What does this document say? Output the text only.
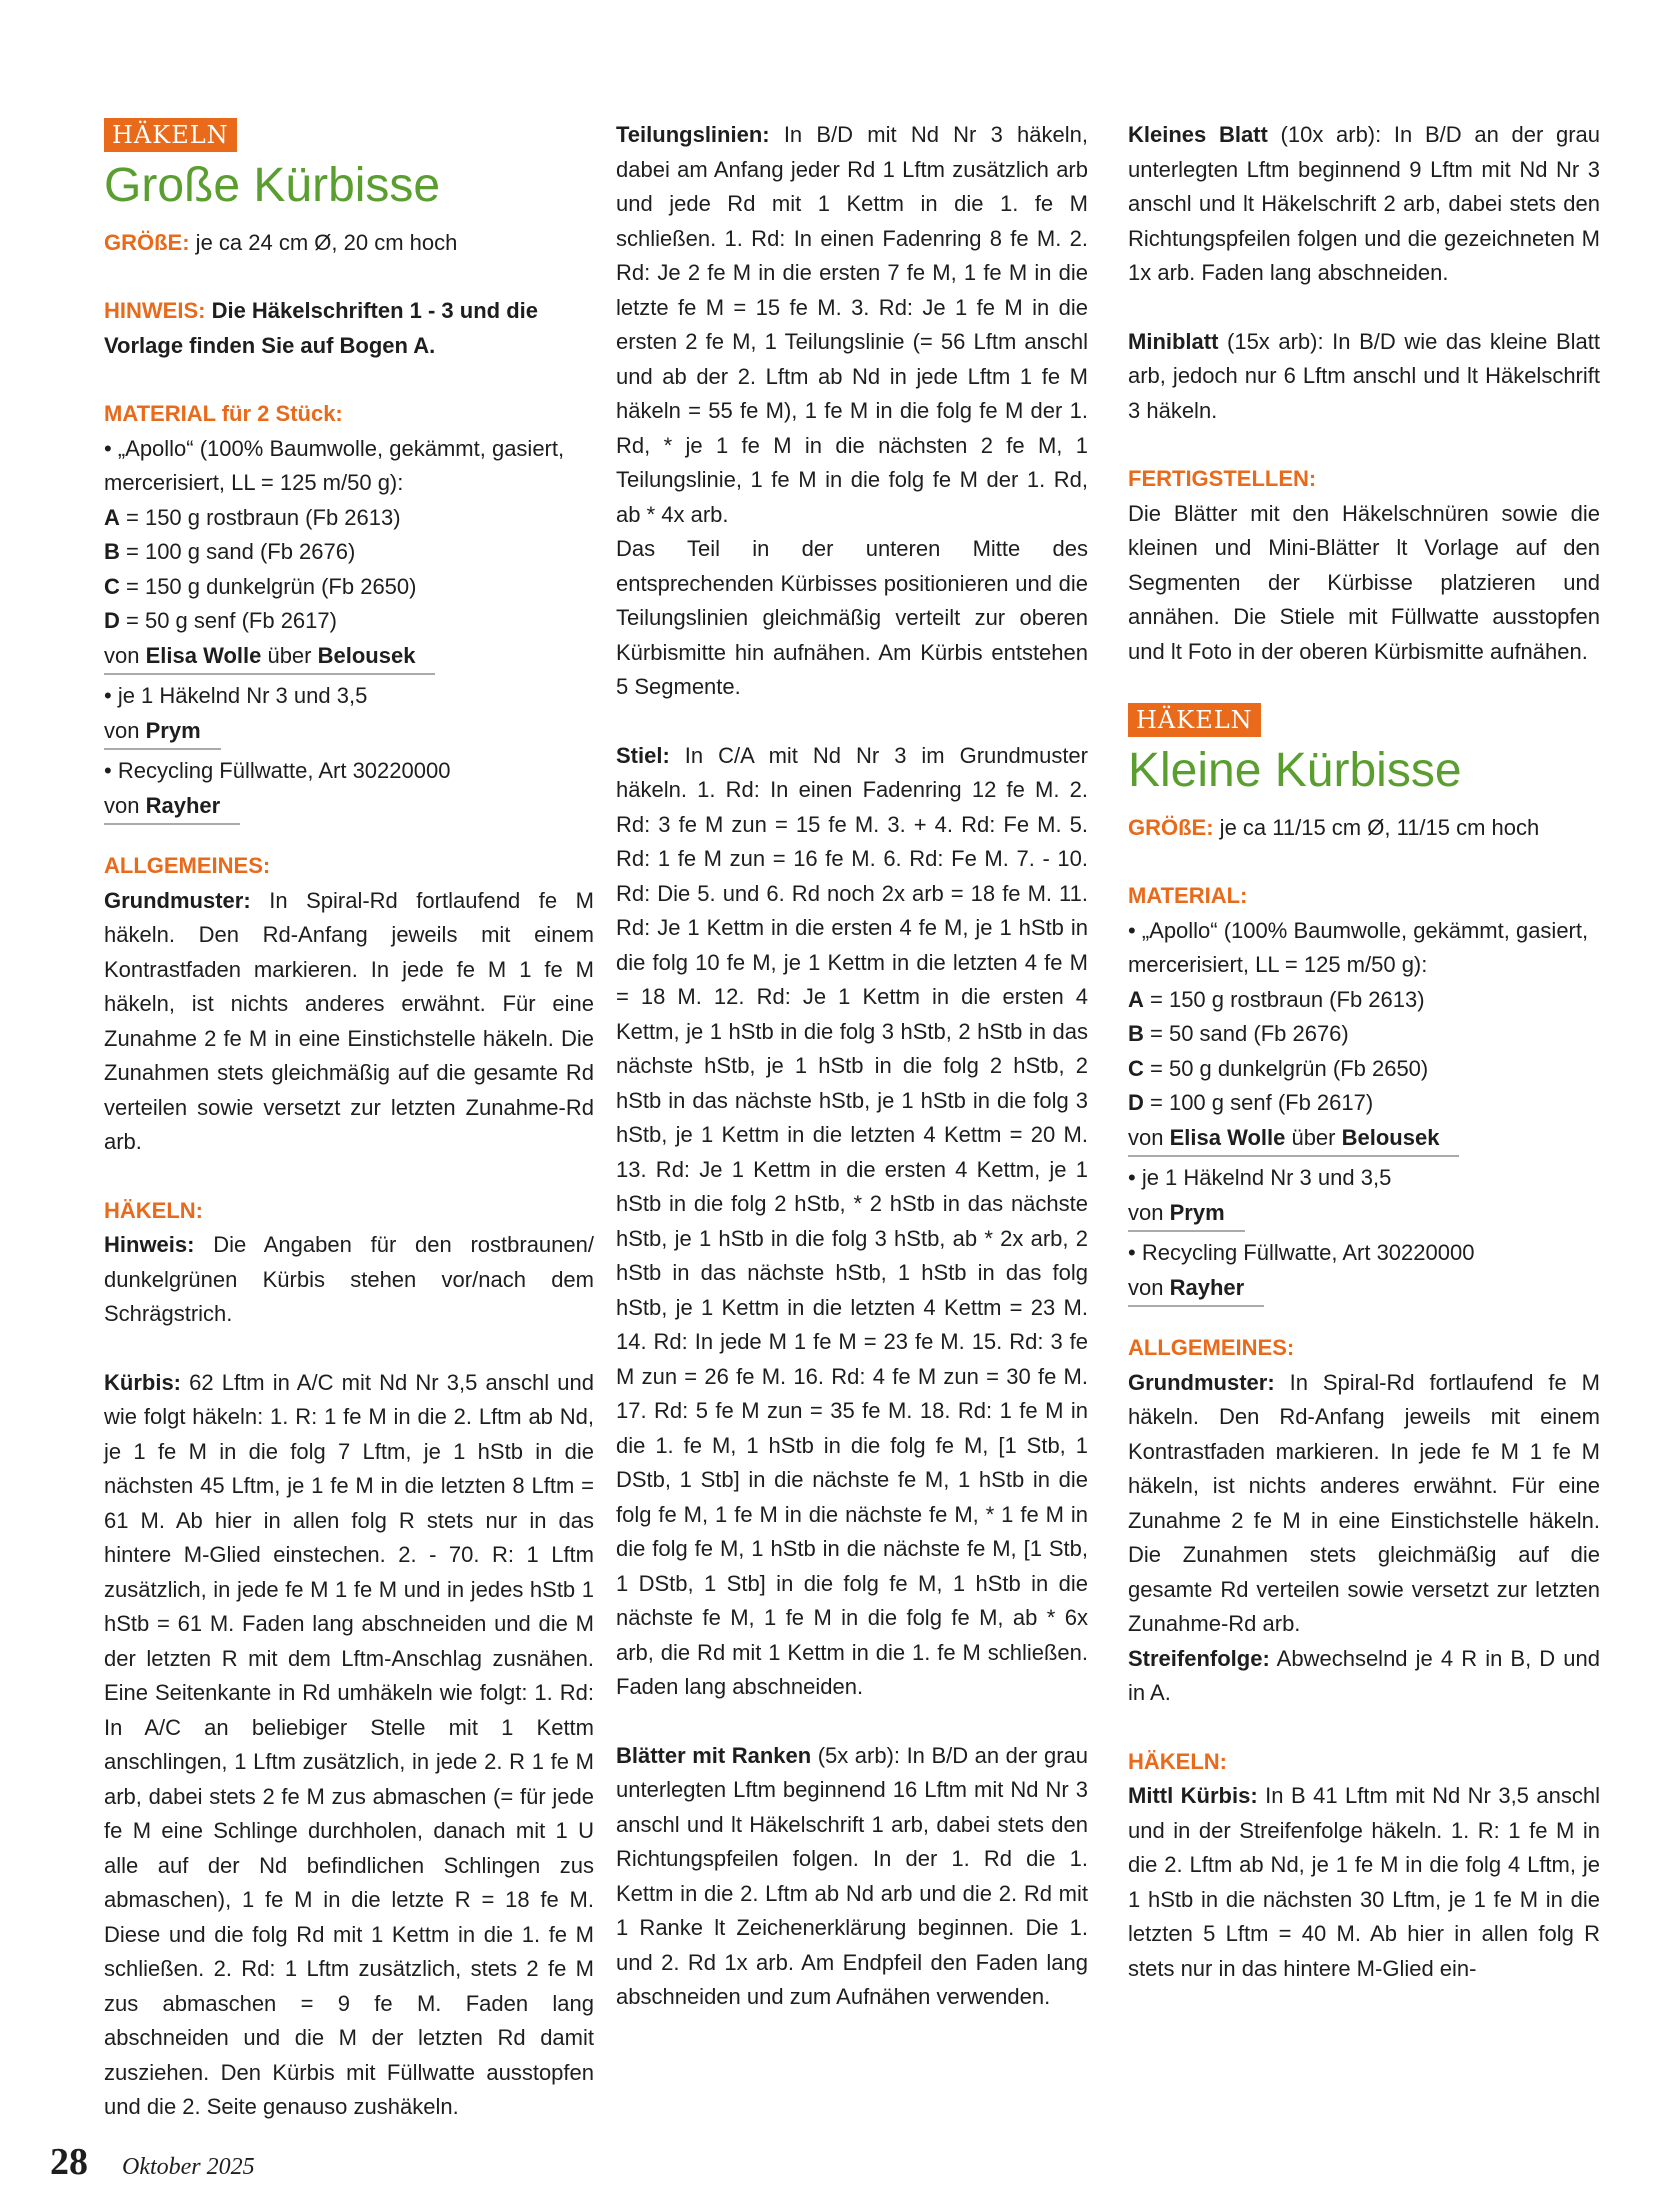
HÄKELN
Große Kürbisse

GRÖßE: je ca 24 cm Ø, 20 cm hoch

HINWEIS: Die Häkelschriften 1 - 3 und die Vorlage finden Sie auf Bogen A.

MATERIAL für 2 Stück:

• „Apollo“ (100% Baumwolle, gekämmt, gasiert, mercerisiert, LL = 125 m/50 g):

A = 150 g rostbraun (Fb 2613)

B = 100 g sand (Fb 2676)

C = 150 g dunkelgrün (Fb 2650)

D = 50 g senf (Fb 2617)

von Elisa Wolle über Belousek

• je 1 Häkelnd Nr 3 und 3,5

von Prym

• Recycling Füllwatte, Art 30220000

von Rayher
ALLGEMEINES:

Grundmuster: In Spiral-Rd fortlaufend fe M häkeln. Den Rd-Anfang jeweils mit einem Kontrastfaden markieren. In jede fe M 1 fe M häkeln, ist nichts anderes erwähnt. Für eine Zunahme 2 fe M in eine Einstichstelle häkeln. Die Zunahmen stets gleichmäßig auf die gesamte Rd verteilen sowie versetzt zur letzten Zunahme-Rd arb.

HÄKELN:

Hinweis: Die Angaben für den rostbraunen/ dunkelgrünen Kürbis stehen vor/nach dem Schrägstrich.

Kürbis: 62 Lftm in A/C mit Nd Nr 3,5 anschl und wie folgt häkeln: 1. R: 1 fe M in die 2. Lftm ab Nd, je 1 fe M in die folg 7 Lftm, je 1 hStb in die nächsten 45 Lftm, je 1 fe M in die letzten 8 Lftm = 61 M. Ab hier in allen folg R stets nur in das hintere M-Glied einstechen. 2. - 70. R: 1 Lftm zusätzlich, in jede fe M 1 fe M und in jedes hStb 1 hStb = 61 M. Faden lang abschneiden und die M der letzten R mit dem Lftm-Anschlag zusnähen. Eine Seitenkante in Rd umhäkeln wie folgt: 1. Rd: In A/C an beliebiger Stelle mit 1 Kettm anschlingen, 1 Lftm zusätzlich, in jede 2. R 1 fe M arb, dabei stets 2 fe M zus abmaschen (= für jede fe M eine Schlinge durchholen, danach mit 1 U alle auf der Nd befindlichen Schlingen zus abmaschen), 1 fe M in die letzte R = 18 fe M. Diese und die folg Rd mit 1 Kettm in die 1. fe M schließen. 2. Rd: 1 Lftm zusätzlich, stets 2 fe M zus abmaschen = 9 fe M. Faden lang abschneiden und die M der letzten Rd damit zusziehen. Den Kürbis mit Füllwatte ausstopfen und die 2. Seite genauso zushäkeln.

Teilungslinien: In B/D mit Nd Nr 3 häkeln, dabei am Anfang jeder Rd 1 Lftm zusätzlich arb und jede Rd mit 1 Kettm in die 1. fe M schließen. 1. Rd: In einen Fadenring 8 fe M. 2. Rd: Je 2 fe M in die ersten 7 fe M, 1 fe M in die letzte fe M = 15 fe M. 3. Rd: Je 1 fe M in die ersten 2 fe M, 1 Teilungslinie (= 56 Lftm anschl und ab der 2. Lftm ab Nd in jede Lftm 1 fe M häkeln = 55 fe M), 1 fe M in die folg fe M der 1. Rd, * je 1 fe M in die nächsten 2 fe M, 1 Teilungslinie, 1 fe M in die folg fe M der 1. Rd, ab * 4x arb.

Das Teil in der unteren Mitte des entsprechenden Kürbisses positionieren und die Teilungslinien gleichmäßig verteilt zur oberen Kürbismitte hin aufnähen. Am Kürbis entstehen 5 Segmente.

Stiel: In C/A mit Nd Nr 3 im Grundmuster häkeln. 1. Rd: In einen Fadenring 12 fe M. 2. Rd: 3 fe M zun = 15 fe M. 3. + 4. Rd: Fe M. 5. Rd: 1 fe M zun = 16 fe M. 6. Rd: Fe M. 7. - 10. Rd: Die 5. und 6. Rd noch 2x arb = 18 fe M. 11. Rd: Je 1 Kettm in die ersten 4 fe M, je 1 hStb in die folg 10 fe M, je 1 Kettm in die letzten 4 fe M = 18 M. 12. Rd: Je 1 Kettm in die ersten 4 Kettm, je 1 hStb in die folg 3 hStb, 2 hStb in das nächste hStb, je 1 hStb in die folg 2 hStb, 2 hStb in das nächste hStb, je 1 hStb in die folg 3 hStb, je 1 Kettm in die letzten 4 Kettm = 20 M. 13. Rd: Je 1 Kettm in die ersten 4 Kettm, je 1 hStb in die folg 2 hStb, * 2 hStb in das nächste hStb, je 1 hStb in die folg 3 hStb, ab * 2x arb, 2 hStb in das nächste hStb, 1 hStb in das folg hStb, je 1 Kettm in die letzten 4 Kettm = 23 M. 14. Rd: In jede M 1 fe M = 23 fe M. 15. Rd: 3 fe M zun = 26 fe M. 16. Rd: 4 fe M zun = 30 fe M. 17. Rd: 5 fe M zun = 35 fe M. 18. Rd: 1 fe M in die 1. fe M, 1 hStb in die folg fe M, [1 Stb, 1 DStb, 1 Stb] in die nächste fe M, 1 hStb in die folg fe M, 1 fe M in die nächste fe M, * 1 fe M in die folg fe M, 1 hStb in die nächste fe M, [1 Stb, 1 DStb, 1 Stb] in die folg fe M, 1 hStb in die nächste fe M, 1 fe M in die folg fe M, ab * 6x arb, die Rd mit 1 Kettm in die 1. fe M schließen. Faden lang abschneiden.

Blätter mit Ranken (5x arb): In B/D an der grau unterlegten Lftm beginnend 16 Lftm mit Nd Nr 3 anschl und lt Häkelschrift 1 arb, dabei stets den Richtungspfeilen folgen. In der 1. Rd die 1. Kettm in die 2. Lftm ab Nd arb und die 2. Rd mit 1 Ranke lt Zeichenerklärung beginnen. Die 1. und 2. Rd 1x arb. Am Endpfeil den Faden lang abschneiden und zum Aufnähen verwenden.

Kleines Blatt (10x arb): In B/D an der grau unterlegten Lftm beginnend 9 Lftm mit Nd Nr 3 anschl und lt Häkelschrift 2 arb, dabei stets den Richtungspfeilen folgen und die gezeichneten M 1x arb. Faden lang abschneiden.

Miniblatt (15x arb): In B/D wie das kleine Blatt arb, jedoch nur 6 Lftm anschl und lt Häkelschrift 3 häkeln.

FERTIGSTELLEN:

Die Blätter mit den Häkelschnüren sowie die kleinen und Mini-Blätter lt Vorlage auf den Segmenten der Kürbisse platzieren und annähen. Die Stiele mit Füllwatte ausstopfen und lt Foto in der oberen Kürbismitte aufnähen.

HÄKELN
Kleine Kürbisse

GRÖßE: je ca 11/15 cm Ø, 11/15 cm hoch

MATERIAL:

• „Apollo“ (100% Baumwolle, gekämmt, gasiert, mercerisiert, LL = 125 m/50 g):

A = 150 g rostbraun (Fb 2613)

B = 50 sand (Fb 2676)

C = 50 g dunkelgrün (Fb 2650)

D = 100 g senf (Fb 2617)

von Elisa Wolle über Belousek

• je 1 Häkelnd Nr 3 und 3,5

von Prym

• Recycling Füllwatte, Art 30220000

von Rayher
ALLGEMEINES:

Grundmuster: In Spiral-Rd fortlaufend fe M häkeln. Den Rd-Anfang jeweils mit einem Kontrastfaden markieren. In jede fe M 1 fe M häkeln, ist nichts anderes erwähnt. Für eine Zunahme 2 fe M in eine Einstichstelle häkeln. Die Zunahmen stets gleichmäßig auf die gesamte Rd verteilen sowie versetzt zur letzten Zunahme-Rd arb.

Streifenfolge: Abwechselnd je 4 R in B, D und in A.

HÄKELN:

Mittl Kürbis: In B 41 Lftm mit Nd Nr 3,5 anschl und in der Streifenfolge häkeln. 1. R: 1 fe M in die 2. Lftm ab Nd, je 1 fe M in die folg 4 Lftm, je 1 hStb in die nächsten 30 Lftm, je 1 fe M in die letzten 5 Lftm = 40 M. Ab hier in allen folg R stets nur in das hintere M-Glied ein-

28 Oktober 2025
